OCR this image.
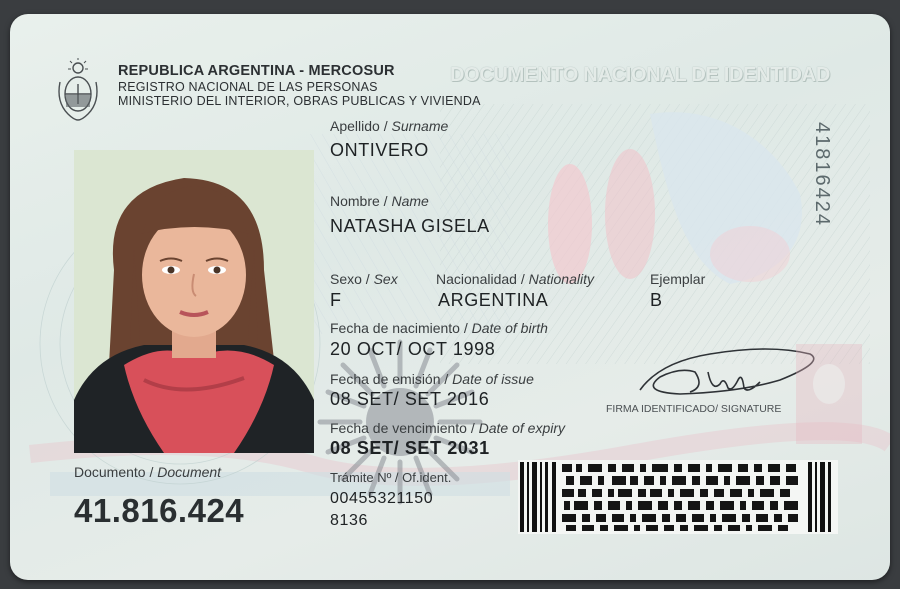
REPUBLICA ARGENTINA - MERCOSUR
REGISTRO NACIONAL DE LAS PERSONAS
MINISTERIO DEL INTERIOR, OBRAS PUBLICAS Y VIVIENDA
DOCUMENTO NACIONAL DE IDENTIDAD
41816424
Apellido / Surname
ONTIVERO
Nombre / Name
NATASHA GISELA
Sexo / Sex
F
Nacionalidad / Nationality
ARGENTINA
Ejemplar
B
Fecha de nacimiento / Date of birth
20 OCT/ OCT 1998
Fecha de emisión / Date of issue
08 SET/ SET 2016
Fecha de vencimiento / Date of expiry
08 SET/ SET 2031
Trámite Nº / Of.ident.
00455321150
8136
Documento / Document
41.816.424
FIRMA IDENTIFICADO/ SIGNATURE
